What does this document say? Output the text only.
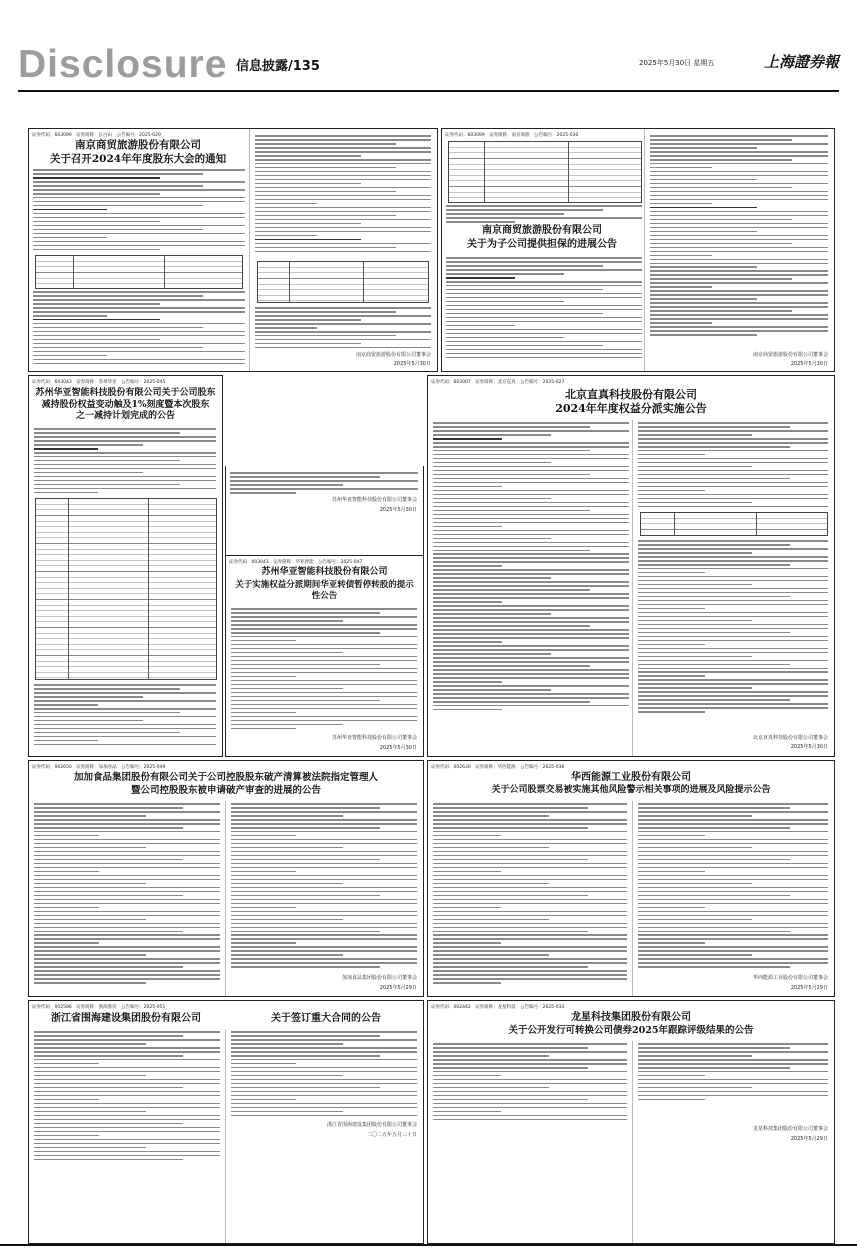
Disclosure 信息披露/135	2025年5月30日 星期五	上海證券報
证券代码：603099　证券简称：长白山　公告编号：2025-029
南京商贸旅游股份有限公司
关于召开2024年年度股东大会的通知
南京商贸旅游股份有限公司董事会
2025年5月30日
证券代码：603099　证券简称：南京商旅　公告编号：2025-030
南京商贸旅游股份有限公司
关于为子公司提供担保的进展公告
南京商贸旅游股份有限公司董事会
2025年5月30日
证券代码：603043　证券简称：苏州华亚　公告编号：2025-045
苏州华亚智能科技股份有限公司关于公司股东
减持股份权益变动触及1%刻度暨本次股东之一减持计划完成的公告
苏州华亚智能科技股份有限公司董事会
2025年5月30日
证券代码：003043　证券简称：华亚智能　公告编号：2025-047
苏州华亚智能科技股份有限公司
关于实施权益分派期间华亚转债暂停转股的提示性公告
苏州华亚智能科技股份有限公司董事会
2025年5月30日
证券代码：603007　证券简称：北京直真　公告编号：2025-027
北京直真科技股份有限公司
2024年年度权益分派实施公告
北京直真科技股份有限公司董事会
2025年5月30日
证券代码：002650　证券简称：加加食品　公告编号：2025-049
加加食品集团股份有限公司关于公司控股股东破产清算被法院指定管理人
暨公司控股股东被申请破产审查的进展的公告
加加食品集团股份有限公司董事会
2025年5月29日
证券代码：002630　证券简称：华西能源　公告编号：2025-036
华西能源工业股份有限公司
关于公司股票交易被实施其他风险警示相关事项的进展及风险提示公告
华西能源工业股份有限公司董事会
2025年5月29日
证券代码：002586　证券简称：围海股份　公告编号：2025-051
浙江省围海建设集团股份有限公司	关于签订重大合同的公告
浙江省围海建设集团股份有限公司董事会
二〇二五年五月三十日
证券代码：002442　证券简称：龙星科技　公告编号：2025-033
龙星科技集团股份有限公司
关于公开发行可转换公司债券2025年跟踪评级结果的公告
龙星科技集团股份有限公司董事会
2025年5月29日
